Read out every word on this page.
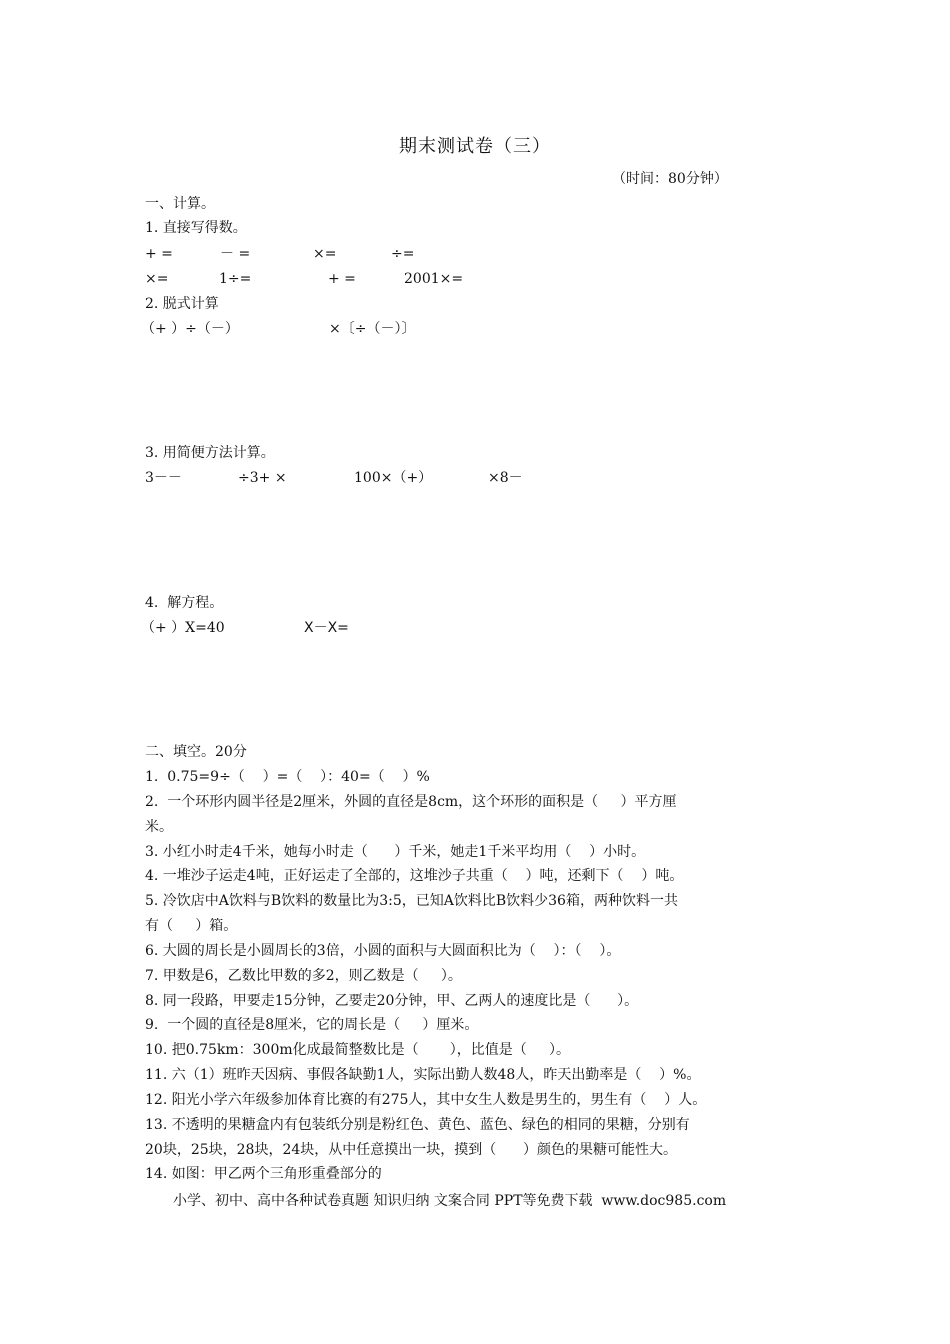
期末测试卷（三）
（时间：80分钟）
一、计算。
1. 直接写得数。
+ =	－ =	×=	÷=
×=	1÷=	+ =	2001×=
2. 脱式计算
（+ ）÷（－）	×〔÷（－）〕
3. 用简便方法计算。
3－－	÷3+ ×	100×（+）	×8－
4.  解方程。
（+ ）X=40	X－X=
二、填空。20分
1.  0.75=9÷（    ）=（    ）：40=（    ）%
2.  一个环形内圆半径是2厘米，外圆的直径是8cm，这个环形的面积是（     ）平方厘
米。
3. 小红小时走4千米，她每小时走（      ）千米，她走1千米平均用（    ）小时。
4. 一堆沙子运走4吨，正好运走了全部的，这堆沙子共重（    ）吨，还剩下（    ）吨。
5. 冷饮店中A饮料与B饮料的数量比为3:5，已知A饮料比B饮料少36箱，两种饮料一共
有（     ）箱。
6. 大圆的周长是小圆周长的3倍，小圆的面积与大圆面积比为（    ）：（    ）。
7. 甲数是6，乙数比甲数的多2，则乙数是（     ）。
8. 同一段路，甲要走15分钟，乙要走20分钟，甲、乙两人的速度比是（      ）。
9.  一个圆的直径是8厘米，它的周长是（     ）厘米。
10. 把0.75km：300m化成最简整数比是（       ），比值是（     ）。
11. 六（1）班昨天因病、事假各缺勤1人，实际出勤人数48人，昨天出勤率是（    ）%。
12. 阳光小学六年级参加体育比赛的有275人，其中女生人数是男生的，男生有（    ）人。
13. 不透明的果糖盒内有包装纸分别是粉红色、黄色、蓝色、绿色的相同的果糖，分别有
20块，25块，28块，24块，从中任意摸出一块，摸到（      ）颜色的果糖可能性大。
14. 如图：甲乙两个三角形重叠部分的
小学、初中、高中各种试卷真题 知识归纳 文案合同 PPT等免费下载  www.doc985.com
